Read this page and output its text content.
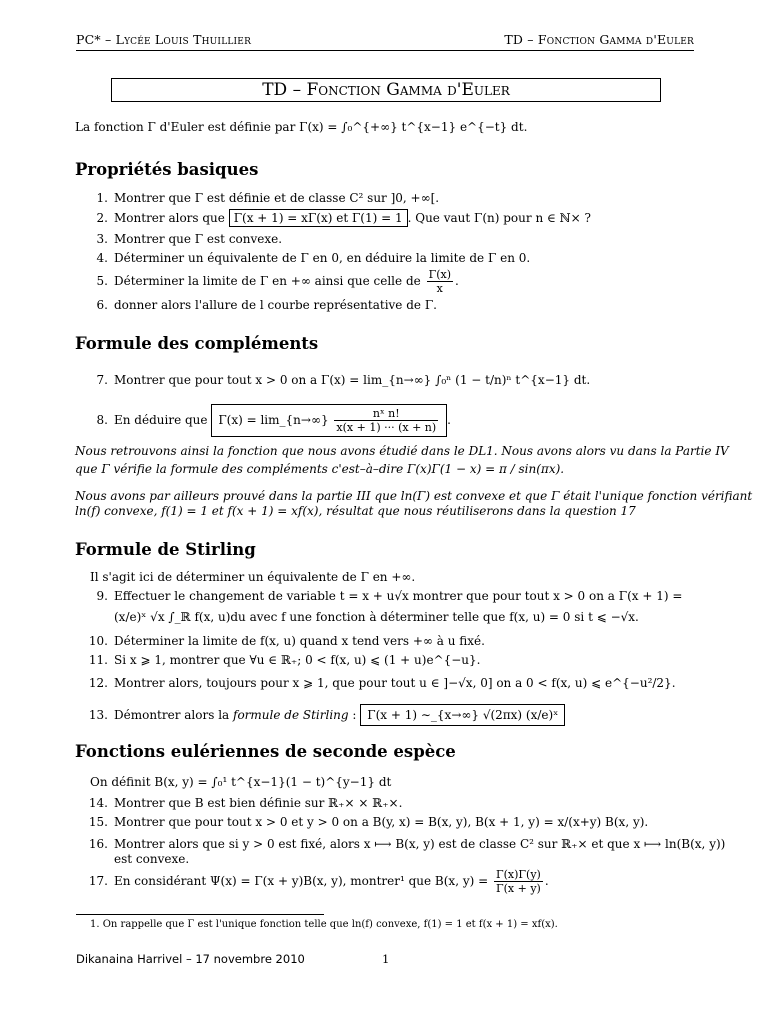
PC* – Lycée Louis Thuillier	TD – Fonction Gamma d'Euler
TD – Fonction Gamma d'Euler
La fonction Γ d'Euler est définie par Γ(x) = ∫₀^{+∞} t^{x−1} e^{−t} dt.
Propriétés basiques
1. Montrer que Γ est définie et de classe C² sur ]0, +∞[.
2. Montrer alors que Γ(x + 1) = xΓ(x) et Γ(1) = 1 . Que vaut Γ(n) pour n ∈ ℕ× ?
3. Montrer que Γ est convexe.
4. Déterminer un équivalente de Γ en 0, en déduire la limite de Γ en 0.
5. Déterminer la limite de Γ en +∞ ainsi que celle de $\frac{\Gamma(x)}{x}$ .
6. donner alors l'allure de l courbe représentative de Γ.
Formule des compléments
7. Montrer que pour tout x > 0 on a Γ(x) = lim_{n→∞} ∫₀ⁿ (1 − t/n)ⁿ t^{x−1} dt.
8. En déduire que Γ(x) = lim_{n→∞} $\frac{\text{nˣ n!}}{x(x + 1) \cdot\cdot\cdot (x + n)}$ .
Nous retrouvons ainsi la fonction que nous avons étudié dans le DL1. Nous avons alors vu dans la Partie IV
que Γ vérifie la formule des compléments c'est–à–dire Γ(x)Γ(1 − x) = π / sin(πx).
Nous avons par ailleurs prouvé dans la partie III que ln(Γ) est convexe et que Γ était l'unique fonction vérifiant
ln(f) convexe, f(1) = 1 et f(x + 1) = xf(x), résultat que nous réutiliserons dans la question 17
Formule de Stirling
Il s'agit ici de déterminer un équivalente de Γ en +∞.
9. Effectuer le changement de variable t = x + u√x montrer que pour tout x > 0 on a Γ(x + 1) =
(x/e)ˣ √x ∫_ℝ f(x, u)du avec f une fonction à déterminer telle que f(x, u) = 0 si t ⩽ −√x.
10. Déterminer la limite de f(x, u) quand x tend vers +∞ à u fixé.
11. Si x ⩾ 1, montrer que ∀u ∈ ℝ₊; 0 < f(x, u) ⩽ (1 + u)e^{−u}.
12. Montrer alors, toujours pour x ⩾ 1, que pour tout u ∈ ]−√x, 0] on a 0 < f(x, u) ⩽ e^{−u²/2}.
13. Démontrer alors la formule de Stirling : Γ(x + 1) ∼_{x→∞} √(2πx) (x/e)ˣ
Fonctions eulériennes de seconde espèce
On définit B(x, y) = ∫₀¹ t^{x−1}(1 − t)^{y−1} dt
14. Montrer que B est bien définie sur ℝ₊× × ℝ₊×.
15. Montrer que pour tout x > 0 et y > 0 on a B(y, x) = B(x, y), B(x + 1, y) = x/(x+y) B(x, y).
16. Montrer alors que si y > 0 est fixé, alors x ⟼ B(x, y) est de classe C² sur ℝ₊× et que x ⟼ ln(B(x, y))
est convexe.
17. En considérant Ψ(x) = Γ(x + y)B(x, y), montrer¹ que B(x, $y) = \frac{\Gamma(x)\Gamma(y)}{\Gamma(x + y)}$ .
1. On rappelle que Γ est l'unique fonction telle que ln(f) convexe, f(1) = 1 et f(x + 1) = xf(x).
Dikanaina Harrivel – 17 novembre 2010	1
